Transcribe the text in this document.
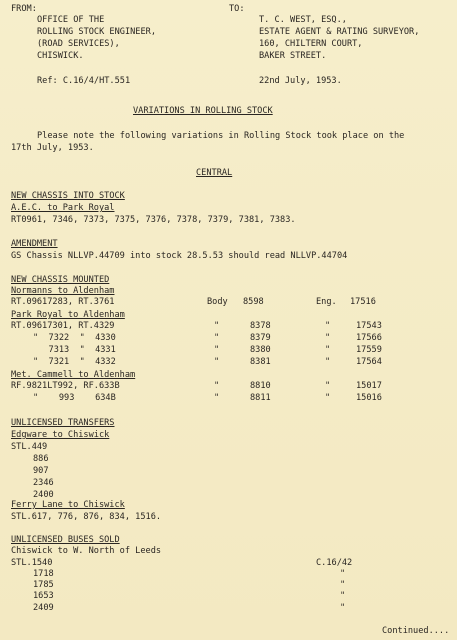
FROM:
OFFICE OF THE
ROLLING STOCK ENGINEER,
(ROAD SERVICES),
CHISWICK.
TO:
T. C. WEST, ESQ.,
ESTATE AGENT & RATING SURVEYOR,
160, CHILTERN COURT,
BAKER STREET.
Ref: C.16/4/HT.551	22nd July, 1953.
VARIATIONS IN ROLLING STOCK
Please note the following variations in Rolling Stock took place on the
17th July, 1953.
CENTRAL
NEW CHASSIS INTO STOCK
A.E.C. to Park Royal
RT0961, 7346, 7373, 7375, 7376, 7378, 7379, 7381, 7383.
AMENDMENT
GS Chassis NLLVP.44709 into stock 28.5.53 should read NLLVP.44704
NEW CHASSIS MOUNTED
Normanns to Aldenham
RT.09617283, RT.3761	Body 8598	Eng. 17516
Park Royal to Aldenham
RT.09617301, RT.4329	"	8378	"	17543
"  7322  "  4330	"	8379	"	17566
7313  "  4331	"	8380	"	17559
"  7321  "  4332	"	8381	"	17564
Met. Cammell to Aldenham
RF.9821LT992, RF.633B	"	8810	"	15017
"    993    634B	"	8811	"	15016
UNLICENSED TRANSFERS
Edgware to Chiswick
STL.449
886
907
2346
2400
Ferry Lane to Chiswick
STL.617, 776, 876, 834, 1516.
UNLICENSED BUSES SOLD
Chiswick to W. North of Leeds
STL.1540	C.16/42
1718	"
1785	"
1653	"
2409	"
Continued....
